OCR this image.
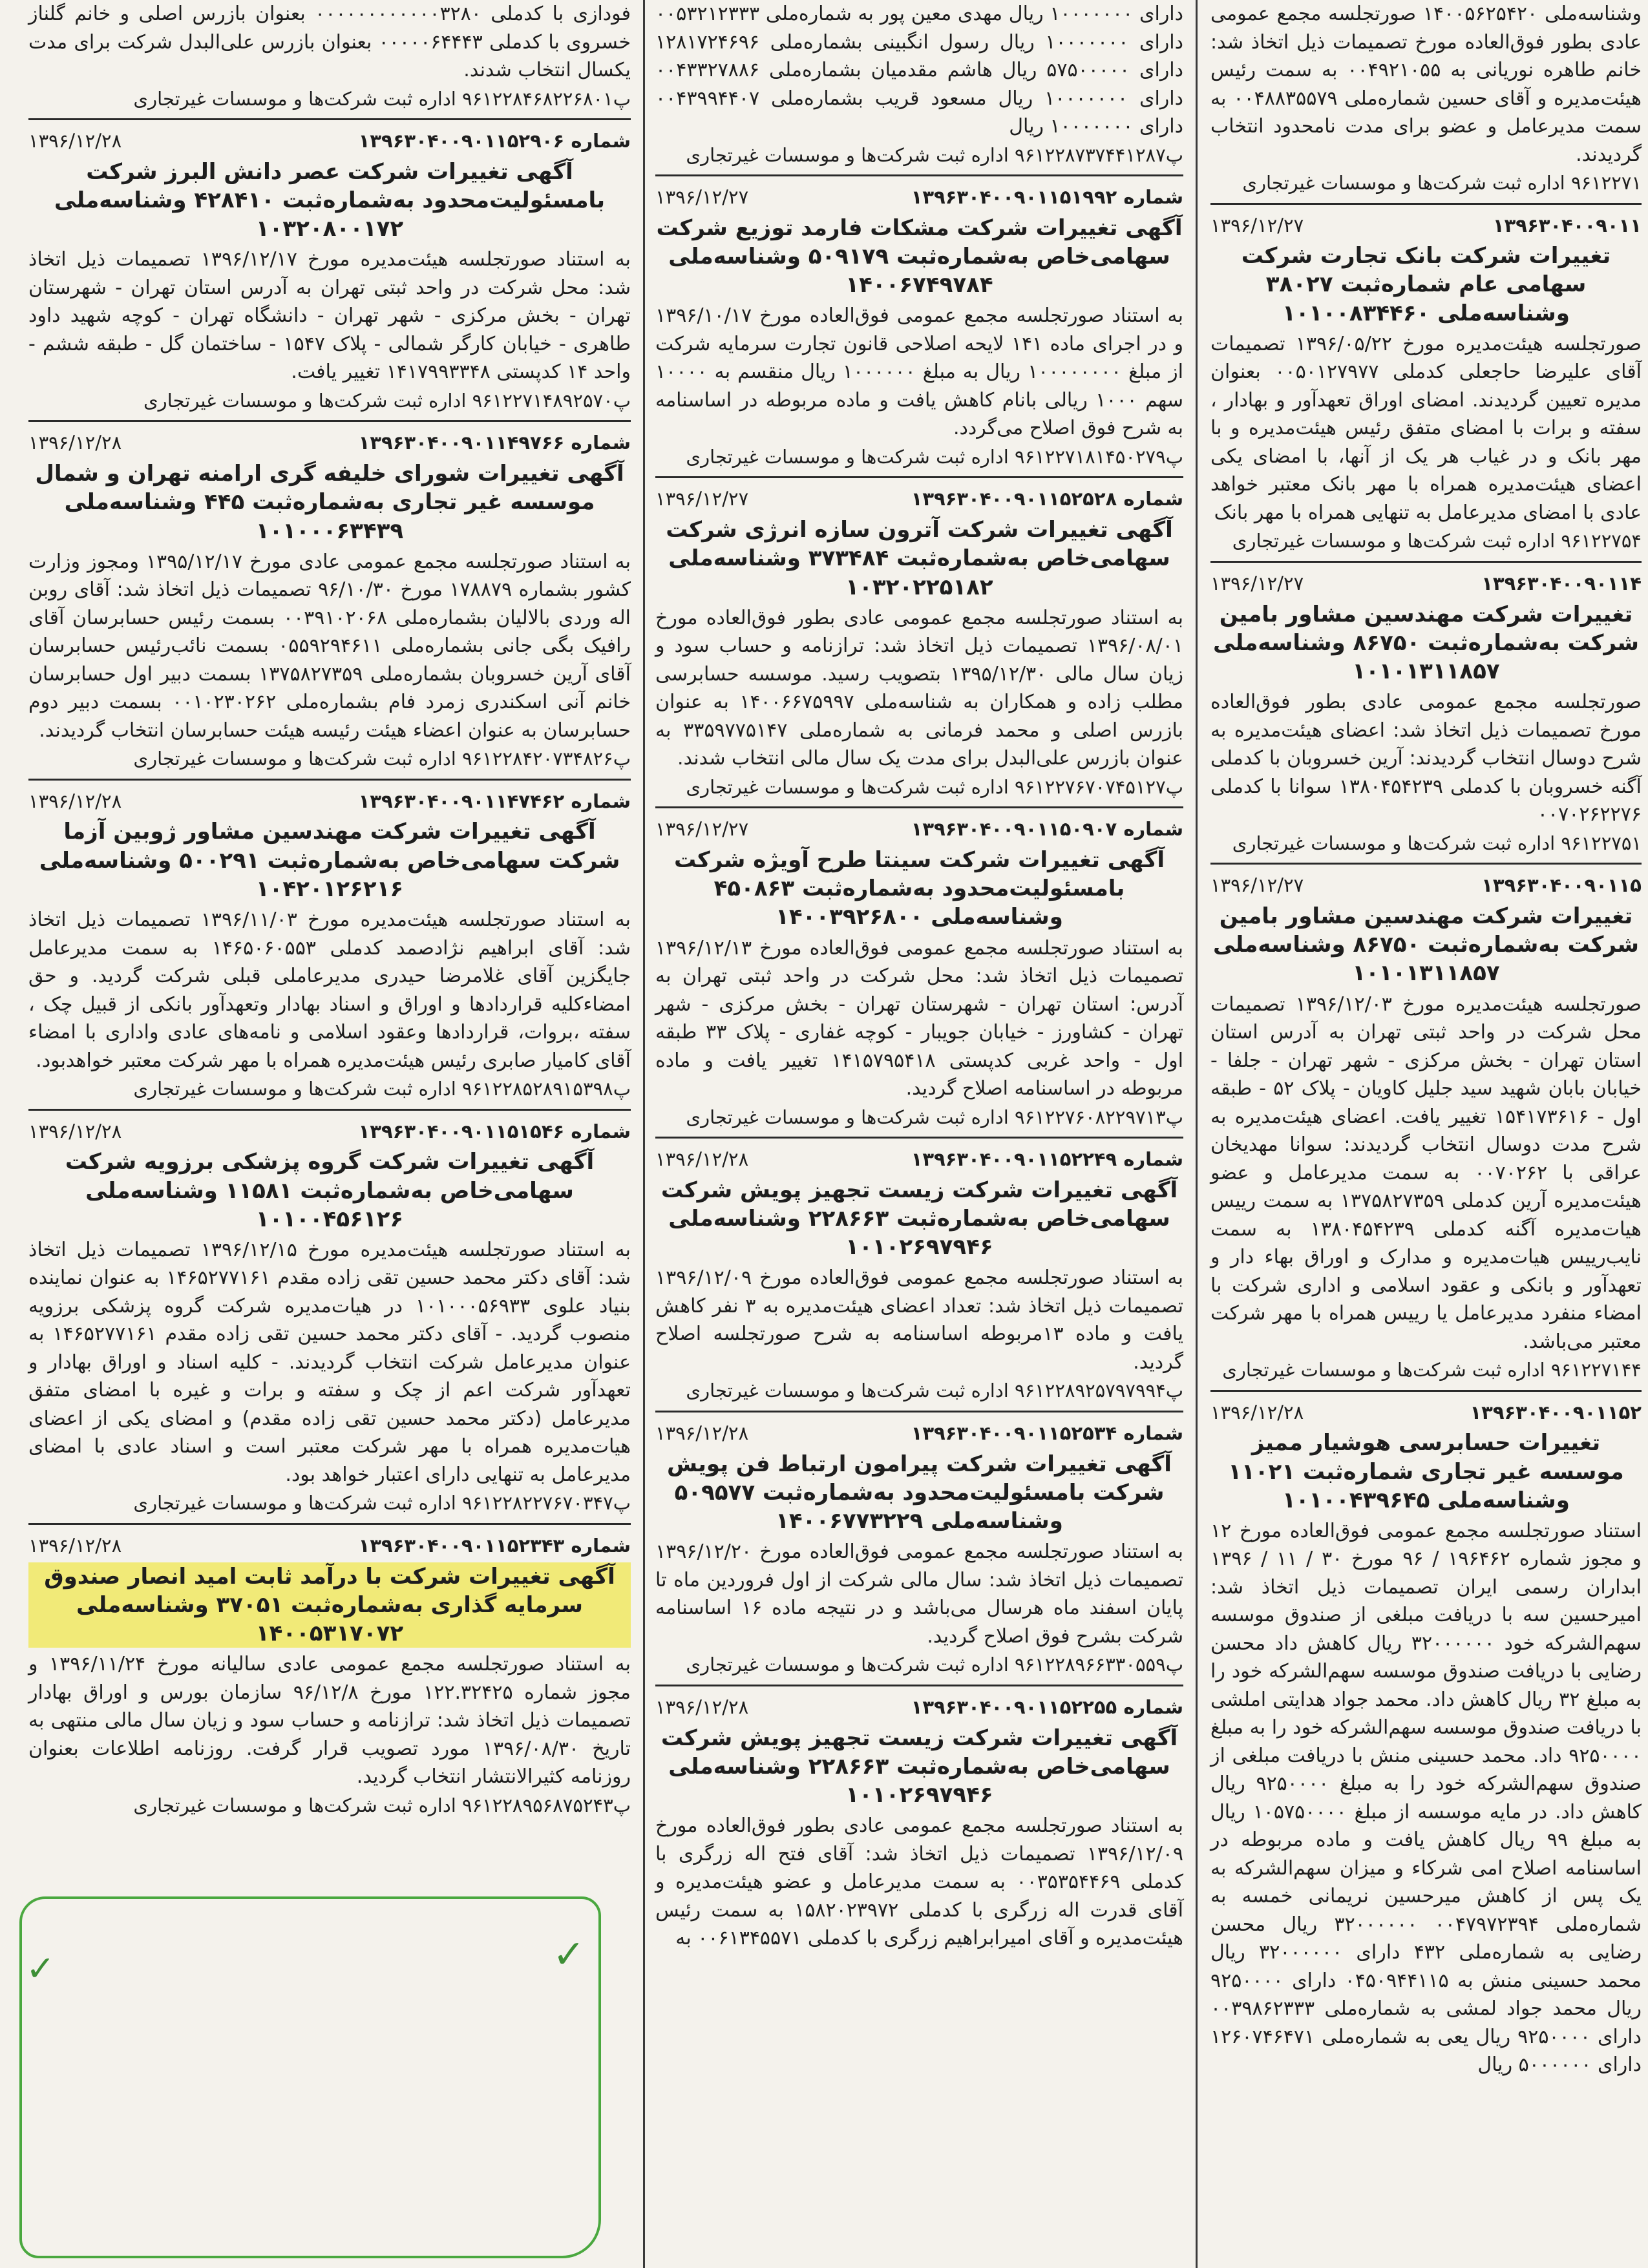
وشناسه‌ملی ۱۴۰۰۵۶۲۵۴۲۰ صورتجلسه مجمع عمومی عادی بطور فوق‌العاده مورخ تصمیمات ذیل اتخاذ شد: خانم طاهره نوریانی به ۰۰۴۹۲۱۰۵۵ به سمت رئیس هیئت‌مدیره و آقای حسین شماره‌ملی ۰۰۴۸۸۳۵۵۷۹ به سمت مدیرعامل و عضو برای مدت نامحدود انتخاب گردیدند.
۹۶۱۲۲۷۱ اداره ثبت شرکت‌ها و موسسات غیرتجاری
۱۳۹۶۳۰۴۰۰۹۰۱۱
۱۳۹۶/۱۲/۲۷
تغییرات شرکت بانک تجارت شرکت سهامی عام شماره‌ثبت ۳۸۰۲۷ وشناسه‌ملی ۱۰۱۰۰۸۳۴۴۶۰
صورتجلسه هیئت‌مدیره مورخ ۱۳۹۶/۰۵/۲۲ تصمیمات آقای علیرضا حاجعلی کدملی ۰۰۵۰۱۲۷۹۷۷ بعنوان مدیره تعیین گردیدند. امضای اوراق تعهدآور و بهادار ، سفته و برات با امضای متفق رئیس هیئت‌مدیره و با مهر بانک و در غیاب هر یک از آنها، با امضای یکی اعضای هیئت‌مدیره همراه با مهر بانک معتبر خواهد عادی با امضای مدیرعامل به تنهایی همراه با مهر بانک
۹۶۱۲۲۷۵۴ اداره ثبت شرکت‌ها و موسسات غیرتجاری
۱۳۹۶۳۰۴۰۰۹۰۱۱۴
۱۳۹۶/۱۲/۲۷
تغییرات شرکت مهندسین مشاور بامین شرکت به‌شماره‌ثبت ۸۶۷۵۰ وشناسه‌ملی ۱۰۱۰۱۳۱۱۸۵۷
صورتجلسه مجمع عمومی عادی بطور فوق‌العاده مورخ تصمیمات ذیل اتخاذ شد: اعضای هیئت‌مدیره به شرح دوسال انتخاب گردیدند: آرین خسروبان با کدملی آگنه خسروبان با کدملی ۱۳۸۰۴۵۴۲۳۹ سوانا با کدملی ۰۰۷۰۲۶۲۲۷۶
۹۶۱۲۲۷۵۱ اداره ثبت شرکت‌ها و موسسات غیرتجاری
۱۳۹۶۳۰۴۰۰۹۰۱۱۵
۱۳۹۶/۱۲/۲۷
تغییرات شرکت مهندسین مشاور بامین شرکت به‌شماره‌ثبت ۸۶۷۵۰ وشناسه‌ملی ۱۰۱۰۱۳۱۱۸۵۷
صورتجلسه هیئت‌مدیره مورخ ۱۳۹۶/۱۲/۰۳ تصمیمات محل شرکت در واحد ثبتی تهران به آدرس استان استان تهران - بخش مرکزی - شهر تهران - جلفا - خیابان بابان شهید سید جلیل کاویان - پلاک ۵۲ - طبقه اول - ۱۵۴۱۷۳۶۱۶ تغییر یافت. اعضای هیئت‌مدیره به شرح مدت دوسال انتخاب گردیدند: سوانا مهدیخان عراقی با ۰۰۷۰۲۶۲ به سمت مدیرعامل و عضو هیئت‌مدیره آرین کدملی ۱۳۷۵۸۲۷۳۵۹ به سمت رییس هیات‌مدیره آگنه کدملی ۱۳۸۰۴۵۴۲۳۹ به سمت نایب‌رییس هیات‌مدیره و مدارک و اوراق بهاء دار و تعهدآور و بانکی و عقود اسلامی و اداری شرکت با امضاء منفرد مدیرعامل یا رییس همراه با مهر شرکت معتبر می‌باشد.
۹۶۱۲۲۷۱۴۴ اداره ثبت شرکت‌ها و موسسات غیرتجاری
۱۳۹۶۳۰۴۰۰۹۰۱۱۵۲
۱۳۹۶/۱۲/۲۸
تغییرات حسابرسی هوشیار ممیز موسسه غیر تجاری شماره‌ثبت ۱۱۰۲۱ وشناسه‌ملی ۱۰۱۰۰۴۳۹۶۴۵
استناد صورتجلسه مجمع عمومی فوق‌العاده مورخ ۱۲ و مجوز شماره ۱۹۶۴۶۲ / ۹۶ مورخ ۳۰ / ۱۱ / ۱۳۹۶ ابداران رسمی ایران تصمیمات ذیل اتخاذ شد: امیرحسین سه با دریافت مبلغی از صندوق موسسه سهم‌الشرکه خود ۳۲۰۰۰۰۰۰ ریال کاهش داد محسن رضایی با دریافت صندوق موسسه سهم‌الشرکه خود را به مبلغ ۳۲ ریال کاهش داد. محمد جواد هدایتی املشی با دریافت صندوق موسسه سهم‌الشرکه خود را به مبلغ ۹۲۵۰۰۰۰ داد. محمد حسینی منش با دریافت مبلغی از صندوق سهم‌الشرکه خود را به مبلغ ۹۲۵۰۰۰۰ ریال کاهش داد. در مایه موسسه از مبلغ ۱۰۵۷۵۰۰۰۰ ریال به مبلغ ۹۹ ریال کاهش یافت و ماده مربوطه در اساسنامه اصلاح امی شرکاء و میزان سهم‌الشرکه به یک پس از کاهش میرحسین نریمانی خمسه به شماره‌ملی ۰۰۴۷۹۷۲۳۹۴ ۳۲۰۰۰۰۰۰ ریال محسن رضایی به شماره‌ملی ۴۳۲ دارای ۳۲۰۰۰۰۰۰ ریال محمد حسینی منش به ۰۴۵۰۹۴۴۱۱۵ دارای ۹۲۵۰۰۰۰ ریال محمد جواد لمشی به شماره‌ملی ۰۰۳۹۸۶۲۳۳۳ دارای ۹۲۵۰۰۰۰ ریال یعی به شماره‌ملی ۱۲۶۰۷۴۶۴۷۱ دارای ۵۰۰۰۰۰۰ ریال
دارای ۱۰۰۰۰۰۰۰ ریال مهدی معین پور به شماره‌ملی ۰۰۵۳۲۱۲۳۳۳ دارای ۱۰۰۰۰۰۰۰ ریال رسول انگبینی بشماره‌ملی ۱۲۸۱۷۲۴۶۹۶ دارای ۵۷۵۰۰۰۰۰ ریال هاشم مقدمیان بشماره‌ملی ۰۰۴۳۳۲۷۸۸۶ دارای ۱۰۰۰۰۰۰۰ ریال مسعود قریب بشماره‌ملی ۰۰۴۳۹۹۴۴۰۷ دارای ۱۰۰۰۰۰۰۰ ریال
پ۹۶۱۲۲۸۷۳۷۴۴۱۲۸۷ اداره ثبت شرکت‌ها و موسسات غیرتجاری
شماره ۱۳۹۶۳۰۴۰۰۹۰۱۱۵۱۹۹۲
۱۳۹۶/۱۲/۲۷
آگهی تغییرات شرکت مشکات فارمد توزیع شرکت سهامی‌خاص به‌شماره‌ثبت ۵۰۹۱۷۹ وشناسه‌ملی ۱۴۰۰۶۷۴۹۷۸۴
به استناد صورتجلسه مجمع عمومی فوق‌العاده مورخ ۱۳۹۶/۱۰/۱۷ و در اجرای ماده ۱۴۱ لایحه اصلاحی قانون تجارت سرمایه شرکت از مبلغ ۱۰۰۰۰۰۰۰۰ ریال به مبلغ ۱۰۰۰۰۰۰ ریال منقسم به ۱۰۰۰۰ سهم ۱۰۰۰ ریالی بانام کاهش یافت و ماده مربوطه در اساسنامه به شرح فوق اصلاح می‌گردد.
پ۹۶۱۲۲۷۱۸۱۴۵۰۲۷۹ اداره ثبت شرکت‌ها و موسسات غیرتجاری
شماره ۱۳۹۶۳۰۴۰۰۹۰۱۱۵۲۵۲۸
۱۳۹۶/۱۲/۲۷
آگهی تغییرات شرکت آترون سازه انرژی شرکت سهامی‌خاص به‌شماره‌ثبت ۳۷۳۴۸۴ وشناسه‌ملی ۱۰۳۲۰۲۲۵۱۸۲
به استناد صورتجلسه مجمع عمومی عادی بطور فوق‌العاده مورخ ۱۳۹۶/۰۸/۰۱ تصمیمات ذیل اتخاذ شد: ترازنامه و حساب سود و زیان سال مالی ۱۳۹۵/۱۲/۳۰ بتصویب رسید. موسسه حسابرسی مطلب زاده و همکاران به شناسه‌ملی ۱۴۰۰۶۶۷۵۹۹۷ به عنوان بازرس اصلی و محمد فرمانی به شماره‌ملی ۳۳۵۹۷۷۵۱۴۷ به عنوان بازرس علی‌البدل برای مدت یک سال مالی انتخاب شدند.
پ۹۶۱۲۲۷۶۷۰۷۴۵۱۲۷ اداره ثبت شرکت‌ها و موسسات غیرتجاری
شماره ۱۳۹۶۳۰۴۰۰۹۰۱۱۵۰۹۰۷
۱۳۹۶/۱۲/۲۷
آگهی تغییرات شرکت سینتا طرح آویژه شرکت بامسئولیت‌محدود به‌شماره‌ثبت ۴۵۰۸۶۳ وشناسه‌ملی ۱۴۰۰۳۹۲۶۸۰۰
به استناد صورتجلسه مجمع عمومی فوق‌العاده مورخ ۱۳۹۶/۱۲/۱۳ تصمیمات ذیل اتخاذ شد: محل شرکت در واحد ثبتی تهران به آدرس: استان تهران - شهرستان تهران - بخش مرکزی - شهر تهران - کشاورز - خیابان جویبار - کوچه غفاری - پلاک ۳۳ طبقه اول - واحد غربی کدپستی ۱۴۱۵۷۹۵۴۱۸ تغییر یافت و ماده مربوطه در اساسنامه اصلاح گردید.
پ۹۶۱۲۲۷۶۰۸۲۲۹۷۱۳ اداره ثبت شرکت‌ها و موسسات غیرتجاری
شماره ۱۳۹۶۳۰۴۰۰۹۰۱۱۵۲۲۴۹
۱۳۹۶/۱۲/۲۸
آگهی تغییرات شرکت زیست تجهیز پویش شرکت سهامی‌خاص به‌شماره‌ثبت ۲۲۸۶۶۳ وشناسه‌ملی ۱۰۱۰۲۶۹۷۹۴۶
به استناد صورتجلسه مجمع عمومی فوق‌العاده مورخ ۱۳۹۶/۱۲/۰۹ تصمیمات ذیل اتخاذ شد: تعداد اعضای هیئت‌مدیره به ۳ نفر کاهش یافت و ماده ۱۳مربوطه اساسنامه به شرح صورتجلسه اصلاح گردید.
پ۹۶۱۲۲۸۹۲۵۷۹۷۹۹۴ اداره ثبت شرکت‌ها و موسسات غیرتجاری
شماره ۱۳۹۶۳۰۴۰۰۹۰۱۱۵۲۵۳۴
۱۳۹۶/۱۲/۲۸
آگهی تغییرات شرکت پیرامون ارتباط فن پویش شرکت بامسئولیت‌محدود به‌شماره‌ثبت ۵۰۹۵۷۷ وشناسه‌ملی ۱۴۰۰۶۷۷۳۲۲۹
به استناد صورتجلسه مجمع عمومی فوق‌العاده مورخ ۱۳۹۶/۱۲/۲۰ تصمیمات ذیل اتخاذ شد: سال مالی شرکت از اول فروردین ماه تا پایان اسفند ماه هرسال می‌باشد و در نتیجه ماده ۱۶ اساسنامه شرکت بشرح فوق اصلاح گردید.
پ۹۶۱۲۲۸۹۶۶۳۳۰۵۵۹ اداره ثبت شرکت‌ها و موسسات غیرتجاری
شماره ۱۳۹۶۳۰۴۰۰۹۰۱۱۵۲۲۵۵
۱۳۹۶/۱۲/۲۸
آگهی تغییرات شرکت زیست تجهیز پویش شرکت سهامی‌خاص به‌شماره‌ثبت ۲۲۸۶۶۳ وشناسه‌ملی ۱۰۱۰۲۶۹۷۹۴۶
به استناد صورتجلسه مجمع عمومی عادی بطور فوق‌العاده مورخ ۱۳۹۶/۱۲/۰۹ تصمیمات ذیل اتخاذ شد: آقای فتح اله زرگری با کدملی ۰۰۳۵۳۵۴۴۶۹ به سمت مدیرعامل و عضو هیئت‌مدیره و آقای قدرت اله زرگری با کدملی ۱۵۸۲۰۲۳۹۷۲ به سمت رئیس هیئت‌مدیره و آقای امیرابراهیم زرگری با کدملی ۰۰۶۱۳۴۵۵۷۱ به
فودازی با کدملی ۰۰۰۰۰۰۰۰۰۰۰۰۳۲۸۰ بعنوان بازرس اصلی و خانم گلناز خسروی با کدملی ۰۰۰۰۰۶۴۴۴۳ بعنوان بازرس علی‌البدل شرکت برای مدت یکسال انتخاب شدند.
پ۹۶۱۲۲۸۴۶۸۲۲۶۸۰۱ اداره ثبت شرکت‌ها و موسسات غیرتجاری
شماره ۱۳۹۶۳۰۴۰۰۹۰۱۱۵۲۹۰۶
۱۳۹۶/۱۲/۲۸
آگهی تغییرات شرکت عصر دانش البرز شرکت بامسئولیت‌محدود به‌شماره‌ثبت ۴۲۸۴۱۰ وشناسه‌ملی ۱۰۳۲۰۸۰۰۱۷۲
به استناد صورتجلسه هیئت‌مدیره مورخ ۱۳۹۶/۱۲/۱۷ تصمیمات ذیل اتخاذ شد: محل شرکت در واحد ثبتی تهران به آدرس استان تهران - شهرستان تهران - بخش مرکزی - شهر تهران - دانشگاه تهران - کوچه شهید داود طاهری - خیابان کارگر شمالی - پلاک ۱۵۴۷ - ساختمان گل - طبقه ششم - واحد ۱۴ کدپستی ۱۴۱۷۹۹۳۳۴۸ تغییر یافت.
پ۹۶۱۲۲۷۱۴۸۹۲۵۷۰ اداره ثبت شرکت‌ها و موسسات غیرتجاری
شماره ۱۳۹۶۳۰۴۰۰۹۰۱۱۴۹۷۶۶
۱۳۹۶/۱۲/۲۸
آگهی تغییرات شورای خلیفه گری ارامنه تهران و شمال موسسه غیر تجاری به‌شماره‌ثبت ۴۴۵ وشناسه‌ملی ۱۰۱۰۰۰۶۳۴۳۹
به استناد صورتجلسه مجمع عمومی عادی مورخ ۱۳۹۵/۱۲/۱۷ ومجوز وزارت کشور بشماره ۱۷۸۸۷۹ مورخ ۹۶/۱۰/۳۰ تصمیمات ذیل اتخاذ شد: آقای روبن اله وردی بالالیان بشماره‌ملی ۰۰۳۹۱۰۲۰۶۸ بسمت رئیس حسابرسان آقای رافیک بگی جانی بشماره‌ملی ۰۵۵۹۲۹۴۶۱۱ بسمت نائب‌رئیس حسابرسان آقای آرین خسروبان بشماره‌ملی ۱۳۷۵۸۲۷۳۵۹ بسمت دبیر اول حسابرسان خانم آنی اسکندری زمرد فام بشماره‌ملی ۰۰۱۰۲۳۰۲۶۲ بسمت دبیر دوم حسابرسان به عنوان اعضاء هیئت رئیسه هیئت حسابرسان انتخاب گردیدند.
پ۹۶۱۲۲۸۴۲۰۷۳۴۸۲۶ اداره ثبت شرکت‌ها و موسسات غیرتجاری
شماره ۱۳۹۶۳۰۴۰۰۹۰۱۱۴۷۴۶۲
۱۳۹۶/۱۲/۲۸
آگهی تغییرات شرکت مهندسین مشاور ژوبین آزما شرکت سهامی‌خاص به‌شماره‌ثبت ۵۰۰۲۹۱ وشناسه‌ملی ۱۰۴۲۰۱۲۶۲۱۶
به استناد صورتجلسه هیئت‌مدیره مورخ ۱۳۹۶/۱۱/۰۳ تصمیمات ذیل اتخاذ شد: آقای ابراهیم نژادصمد کدملی ۱۴۶۵۰۶۰۵۵۳ به سمت مدیرعامل جایگزین آقای غلامرضا حیدری مدیرعاملی قبلی شرکت گردید. و حق امضاءکلیه قراردادها و اوراق و اسناد بهادار وتعهدآور بانکی از قبیل چک ، سفته ،بروات، قراردادها وعقود اسلامی و نامه‌های عادی واداری با امضاء آقای کامیار صابری رئیس هیئت‌مدیره همراه با مهر شرکت معتبر خواهدبود.
پ۹۶۱۲۲۸۵۲۸۹۱۵۳۹۸ اداره ثبت شرکت‌ها و موسسات غیرتجاری
شماره ۱۳۹۶۳۰۴۰۰۹۰۱۱۵۱۵۴۶
۱۳۹۶/۱۲/۲۸
آگهی تغییرات شرکت گروه پزشکی برزویه شرکت سهامی‌خاص به‌شماره‌ثبت ۱۱۵۸۱ وشناسه‌ملی ۱۰۱۰۰۴۵۶۱۲۶
به استناد صورتجلسه هیئت‌مدیره مورخ ۱۳۹۶/۱۲/۱۵ تصمیمات ذیل اتخاذ شد: آقای دکتر محمد حسین تقی زاده مقدم ۱۴۶۵۲۷۷۱۶۱ به عنوان نماینده بنیاد علوی ۱۰۱۰۰۰۵۶۹۳۳ در هیات‌مدیره شرکت گروه پزشکی برزویه منصوب گردید. - آقای دکتر محمد حسین تقی زاده مقدم ۱۴۶۵۲۷۷۱۶۱ به عنوان مدیرعامل شرکت انتخاب گردیدند. - کلیه اسناد و اوراق بهادار و تعهدآور شرکت اعم از چک و سفته و برات و غیره با امضای متفق مدیرعامل (دکتر محمد حسین تقی زاده مقدم) و امضای یکی از اعضای هیات‌مدیره همراه با مهر شرکت معتبر است و اسناد عادی با امضای مدیرعامل به تنهایی دارای اعتبار خواهد بود.
پ۹۶۱۲۲۸۲۲۷۶۷۰۳۴۷ اداره ثبت شرکت‌ها و موسسات غیرتجاری
شماره ۱۳۹۶۳۰۴۰۰۹۰۱۱۵۲۳۴۳
۱۳۹۶/۱۲/۲۸
آگهی تغییرات شرکت با درآمد ثابت امید انصار صندوق سرمایه گذاری به‌شماره‌ثبت ۳۷۰۵۱ وشناسه‌ملی ۱۴۰۰۵۳۱۷۰۷۲
به استناد صورتجلسه مجمع عمومی عادی سالیانه مورخ ۱۳۹۶/۱۱/۲۴ و مجوز شماره ۱۲۲.۳۲۴۲۵ مورخ ۹۶/۱۲/۸ سازمان بورس و اوراق بهادار تصمیمات ذیل اتخاذ شد: ترازنامه و حساب سود و زیان سال مالی منتهی به تاریخ ۱۳۹۶/۰۸/۳۰ مورد تصویب قرار گرفت. روزنامه اطلاعات بعنوان روزنامه کثیرالانتشار انتخاب گردید.
پ۹۶۱۲۲۸۹۵۶۸۷۵۲۴۳ اداره ثبت شرکت‌ها و موسسات غیرتجاری
✓
✓
